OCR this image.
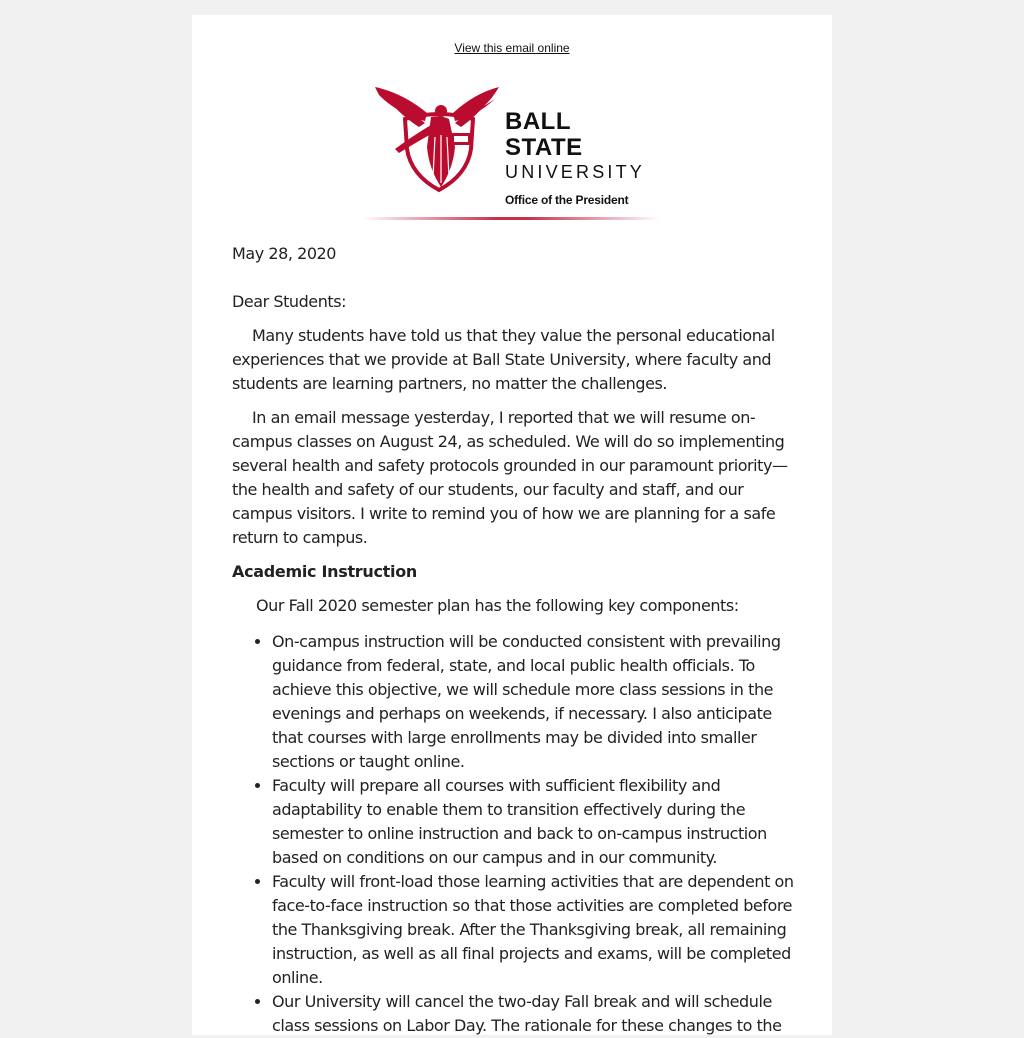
View this email online
BALL STATE
UNIVERSITY
Office of the President

May 28, 2020

Dear Students:

Many students have told us that they value the personal educational experiences that we provide at Ball State University, where faculty and students are learning partners, no matter the challenges.

In an email message yesterday, I reported that we will resume on-campus classes on August 24, as scheduled. We will do so implementing several health and safety protocols grounded in our paramount priority—the health and safety of our students, our faculty and staff, and our campus visitors. I write to remind you of how we are planning for a safe return to campus.

Academic Instruction

Our Fall 2020 semester plan has the following key components:

• On-campus instruction will be conducted consistent with prevailing guidance from federal, state, and local public health officials. To achieve this objective, we will schedule more class sessions in the evenings and perhaps on weekends, if necessary. I also anticipate that courses with large enrollments may be divided into smaller sections or taught online.
• Faculty will prepare all courses with sufficient flexibility and adaptability to enable them to transition effectively during the semester to online instruction and back to on-campus instruction based on conditions on our campus and in our community.
• Faculty will front-load those learning activities that are dependent on face-to-face instruction so that those activities are completed before the Thanksgiving break. After the Thanksgiving break, all remaining instruction, as well as all final projects and exams, will be completed online.
• Our University will cancel the two-day Fall break and will schedule class sessions on Labor Day. The rationale for these changes to the
